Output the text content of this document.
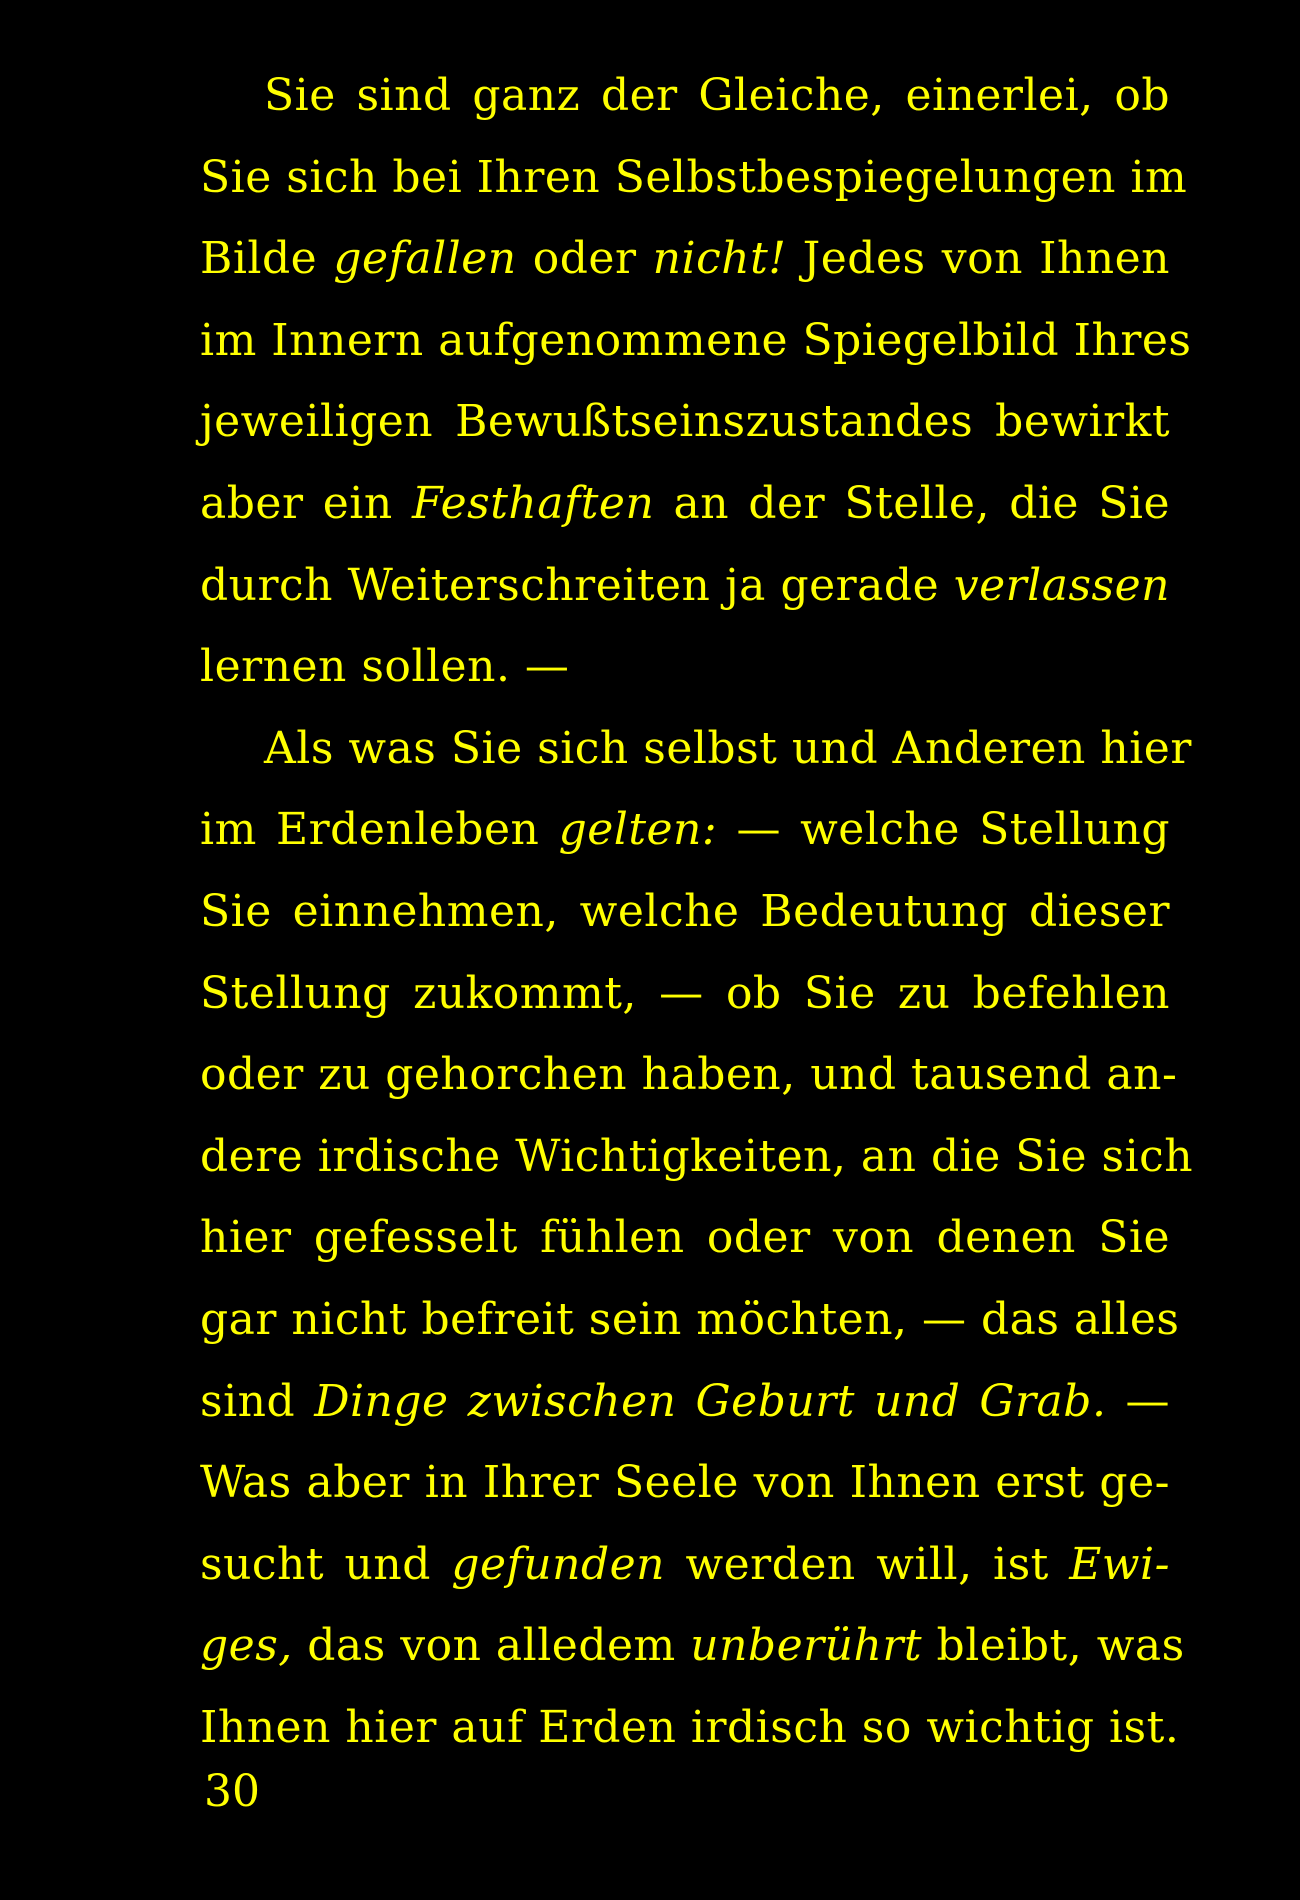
Sie sind ganz der Gleiche, einerlei, ob
Sie sich bei Ihren Selbstbespiegelungen im
Bilde gefallen oder nicht! Jedes von Ihnen
im Innern aufgenommene Spiegelbild Ihres
jeweiligen Bewußtseinszustandes bewirkt
aber ein Festhaften an der Stelle, die Sie
durch Weiterschreiten ja gerade verlassen
lernen sollen. —
Als was Sie sich selbst und Anderen hier
im Erdenleben gelten: — welche Stellung
Sie einnehmen, welche Bedeutung dieser
Stellung zukommt, — ob Sie zu befehlen
oder zu gehorchen haben, und tausend an-
dere irdische Wichtigkeiten, an die Sie sich
hier gefesselt fühlen oder von denen Sie
gar nicht befreit sein möchten, — das alles
sind Dinge zwischen Geburt und Grab. —
Was aber in Ihrer Seele von Ihnen erst ge-
sucht und gefunden werden will, ist Ewi-
ges, das von alledem unberührt bleibt, was
Ihnen hier auf Erden irdisch so wichtig ist.
30
